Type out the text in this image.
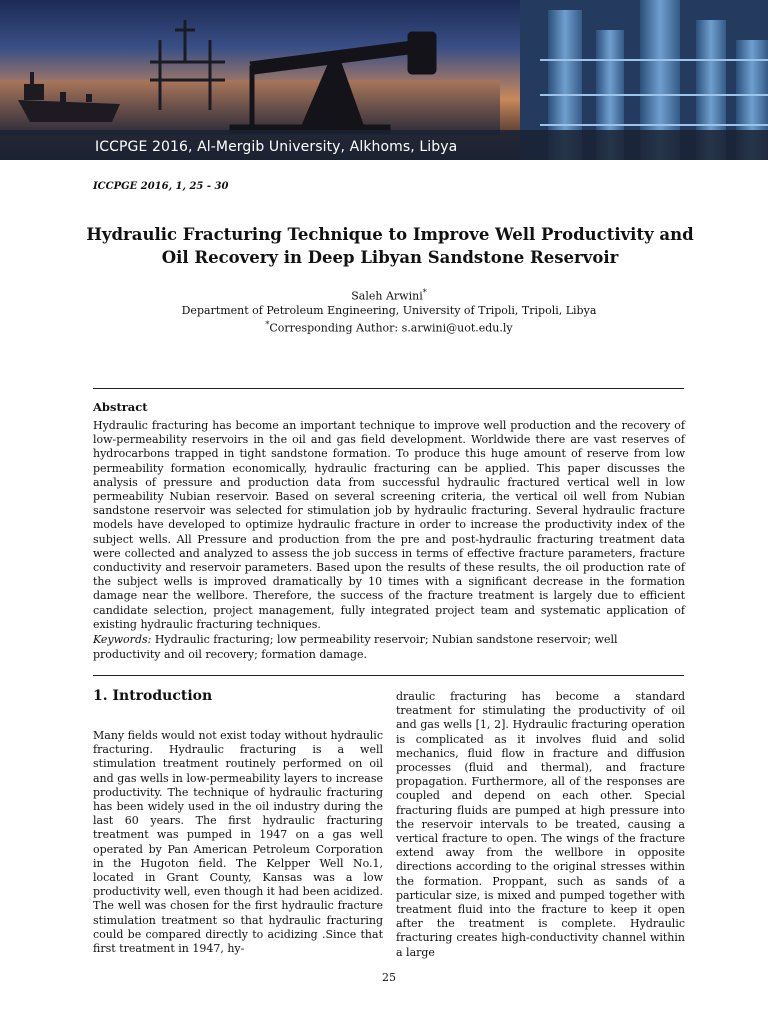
ICCPGE 2016, Al-Mergib University, Alkhoms, Libya
ICCPGE 2016, 1, 25 - 30
Hydraulic Fracturing Technique to Improve Well Productivity and Oil Recovery in Deep Libyan Sandstone Reservoir
Saleh Arwini*
Department of Petroleum Engineering, University of Tripoli, Tripoli, Libya
*Corresponding Author: s.arwini@uot.edu.ly
Abstract

Hydraulic fracturing has become an important technique to improve well production and the recovery of low-permeability reservoirs in the oil and gas field development. Worldwide there are vast reserves of hydrocarbons trapped in tight sandstone formation. To produce this huge amount of reserve from low permeability formation economically, hydraulic fracturing can be applied. This paper discusses the analysis of pressure and production data from successful hydraulic fractured vertical well in low permeability Nubian reservoir. Based on several screening criteria, the vertical oil well from Nubian sandstone reservoir was selected for stimulation job by hydraulic fracturing. Several hydraulic fracture models have developed to optimize hydraulic fracture in order to increase the productivity index of the subject wells. All Pressure and production from the pre and post-hydraulic fracturing treatment data were collected and analyzed to assess the job success in terms of effective fracture parameters, fracture conductivity and reservoir parameters. Based upon the results of these results, the oil production rate of the subject wells is improved dramatically by 10 times with a significant decrease in the formation damage near the wellbore. Therefore, the success of the fracture treatment is largely due to efficient candidate selection, project management, fully integrated project team and systematic application of existing hydraulic fracturing techniques.

Keywords: Hydraulic fracturing; low permeability reservoir; Nubian sandstone reservoir; well productivity and oil recovery; formation damage.

1. Introduction

Many fields would not exist today without hydraulic fracturing. Hydraulic fracturing is a well stimulation treatment routinely performed on oil and gas wells in low-permeability layers to increase productivity. The technique of hydraulic fracturing has been widely used in the oil industry during the last 60 years. The first hydraulic fracturing treatment was pumped in 1947 on a gas well operated by Pan American Petroleum Corporation in the Hugoton field. The Kelpper Well No.1, located in Grant County, Kansas was a low productivity well, even though it had been acidized. The well was chosen for the first hydraulic fracture stimulation treatment so that hydraulic fracturing could be compared directly to acidizing .Since that first treatment in 1947, hy-

draulic fracturing has become a standard treatment for stimulating the productivity of oil and gas wells [1, 2]. Hydraulic fracturing operation is complicated as it involves fluid and solid mechanics, fluid flow in fracture and diffusion processes (fluid and thermal), and fracture propagation. Furthermore, all of the responses are coupled and depend on each other. Special fracturing fluids are pumped at high pressure into the reservoir intervals to be treated, causing a vertical fracture to open. The wings of the fracture extend away from the wellbore in opposite directions according to the original stresses within the formation. Proppant, such as sands of a particular size, is mixed and pumped together with treatment fluid into the fracture to keep it open after the treatment is complete. Hydraulic fracturing creates high-conductivity channel within a large

25
